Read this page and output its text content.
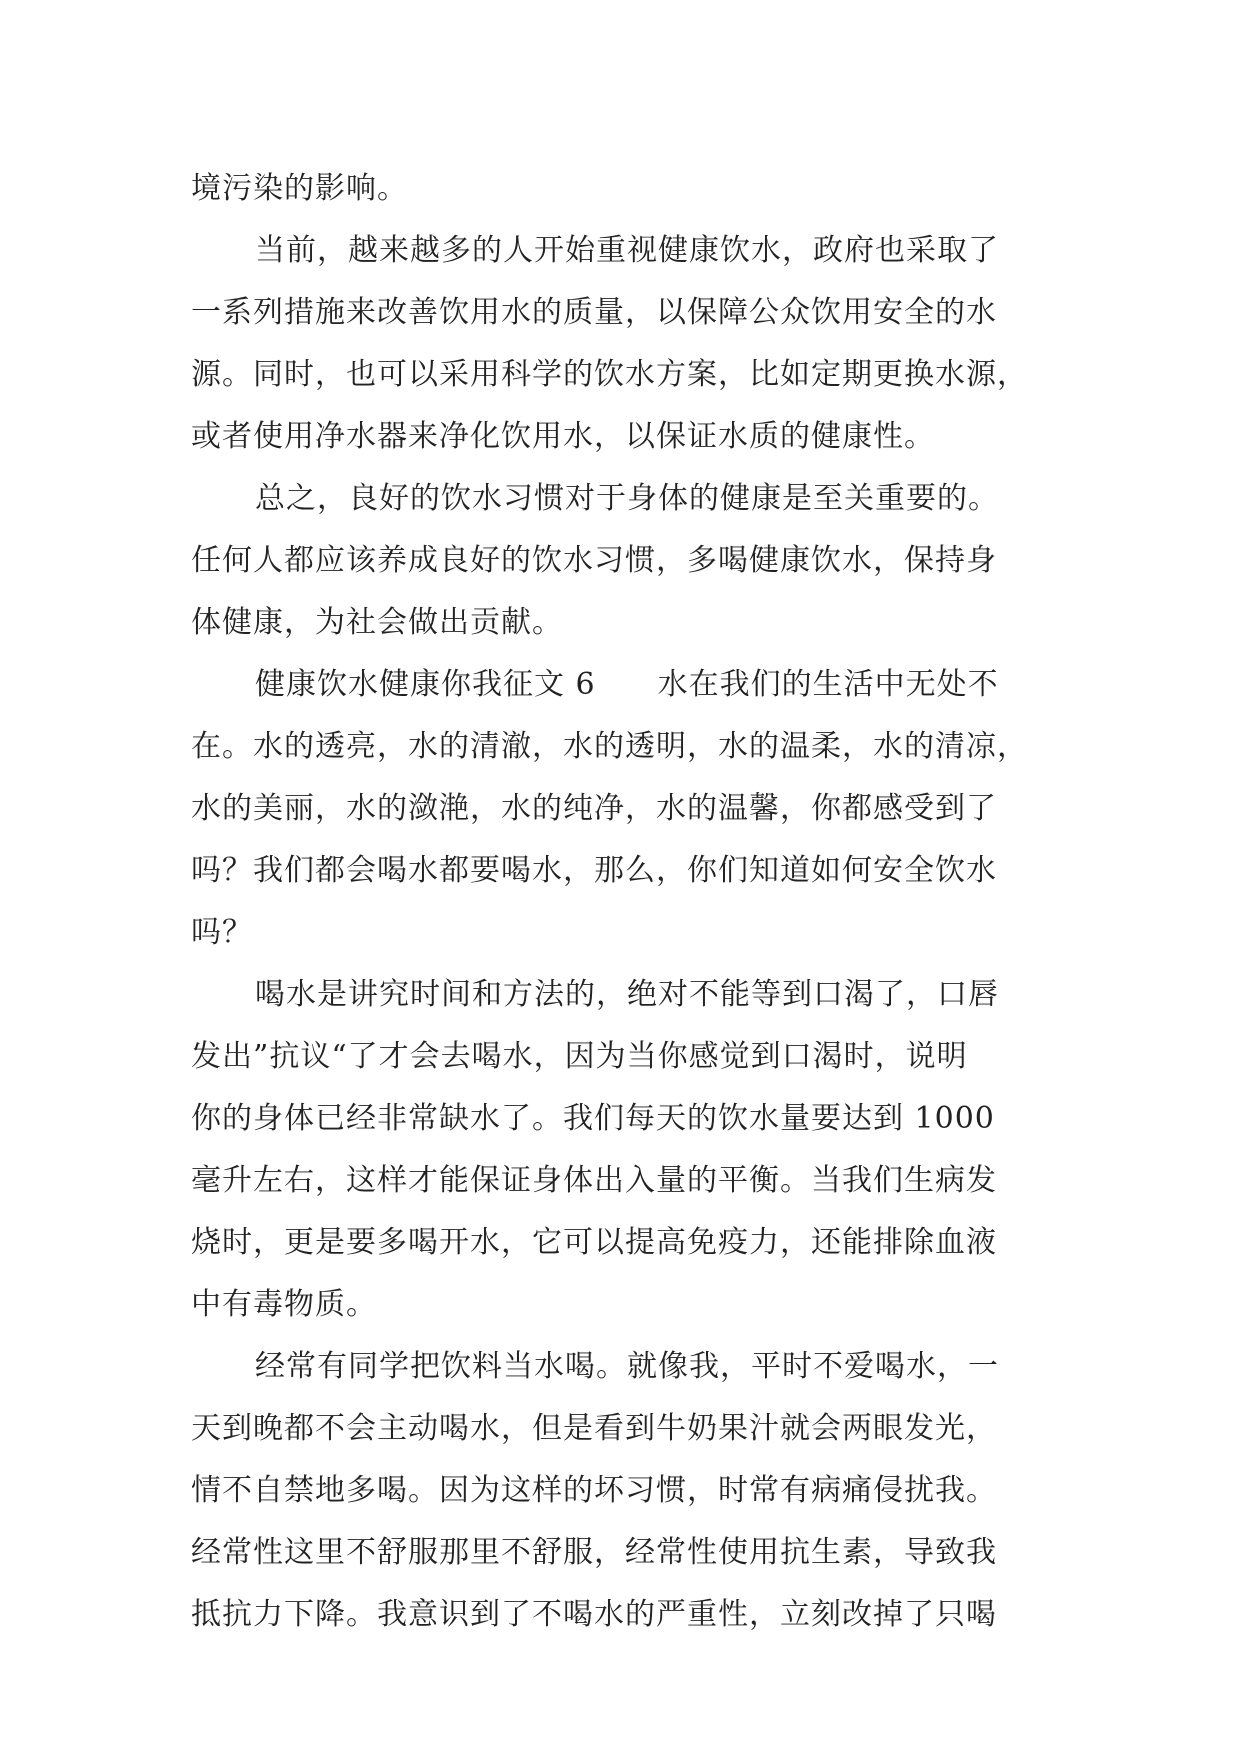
境污染的影响。
当前，越来越多的人开始重视健康饮水，政府也采取了
一系列措施来改善饮用水的质量，以保障公众饮用安全的水
源。同时，也可以采用科学的饮水方案，比如定期更换水源，
或者使用净水器来净化饮用水，以保证水质的健康性。
总之，良好的饮水习惯对于身体的健康是至关重要的。
任何人都应该养成良好的饮水习惯，多喝健康饮水，保持身
体健康，为社会做出贡献。
健康饮水健康你我征文 6　　水在我们的生活中无处不
在。水的透亮，水的清澈，水的透明，水的温柔，水的清凉，
水的美丽，水的潋滟，水的纯净，水的温馨，你都感受到了
吗？我们都会喝水都要喝水，那么，你们知道如何安全饮水
吗？
喝水是讲究时间和方法的，绝对不能等到口渴了，口唇
发出”抗议“了才会去喝水，因为当你感觉到口渴时，说明
你的身体已经非常缺水了。我们每天的饮水量要达到 1000
毫升左右，这样才能保证身体出入量的平衡。当我们生病发
烧时，更是要多喝开水，它可以提高免疫力，还能排除血液
中有毒物质。
经常有同学把饮料当水喝。就像我，平时不爱喝水，一
天到晚都不会主动喝水，但是看到牛奶果汁就会两眼发光，
情不自禁地多喝。因为这样的坏习惯，时常有病痛侵扰我。
经常性这里不舒服那里不舒服，经常性使用抗生素，导致我
抵抗力下降。我意识到了不喝水的严重性，立刻改掉了只喝
